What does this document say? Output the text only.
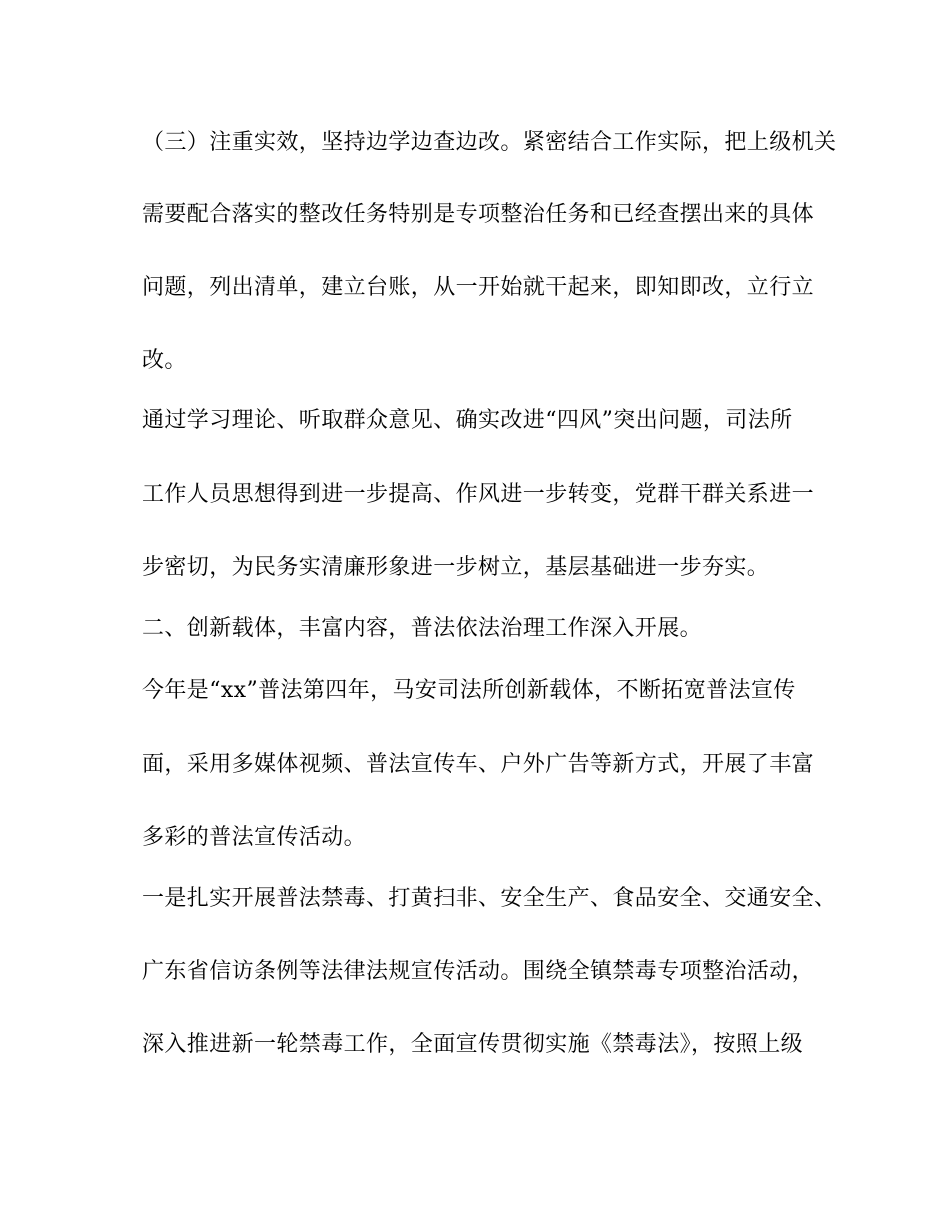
（三）注重实效，坚持边学边查边改。紧密结合工作实际，把上级机关
需要配合落实的整改任务特别是专项整治任务和已经查摆出来的具体
问题，列出清单，建立台账，从一开始就干起来，即知即改，立行立
改。
通过学习理论、听取群众意见、确实改进“四风”突出问题，司法所
工作人员思想得到进一步提高、作风进一步转变，党群干群关系进一
步密切，为民务实清廉形象进一步树立，基层基础进一步夯实。
二、创新载体，丰富内容，普法依法治理工作深入开展。
今年是“xx”普法第四年，马安司法所创新载体，不断拓宽普法宣传
面，采用多媒体视频、普法宣传车、户外广告等新方式，开展了丰富
多彩的普法宣传活动。
一是扎实开展普法禁毒、打黄扫非、安全生产、食品安全、交通安全、
广东省信访条例等法律法规宣传活动。围绕全镇禁毒专项整治活动，
深入推进新一轮禁毒工作，全面宣传贯彻实施《禁毒法》，按照上级
